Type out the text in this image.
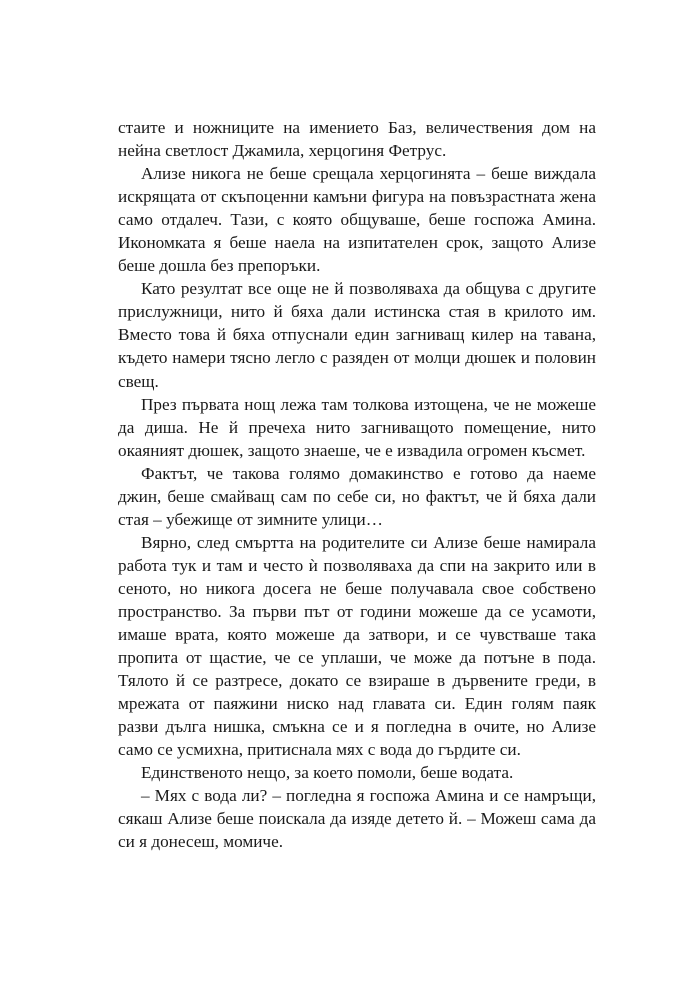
стаите и ножниците на имението Баз, величествения дом на нейна светлост Джамила, херцогиня Фетрус.

Ализе никога не беше срещала херцогинята – беше виждала искрящата от скъпоценни камъни фигура на повъзрастната жена само отдалеч. Тази, с която общуваше, беше госпожа Амина. Икономката я беше наела на изпитателен срок, защото Ализе беше дошла без препоръки.

Като резултат все още не й позволяваха да общува с другите прислужници, нито й бяха дали истинска стая в крилото им. Вместо това й бяха отпуснали един загниващ килер на тавана, където намери тясно легло с разяден от молци дюшек и половин свещ.

През първата нощ лежа там толкова изтощена, че не можеше да диша. Не й пречеха нито загниващото помещение, нито окаяният дюшек, защото знаеше, че е извадила огромен късмет.

Фактът, че такова голямо домакинство е готово да наеме джин, беше смайващ сам по себе си, но фактът, че й бяха дали стая – убежище от зимните улици…

Вярно, след смъртта на родителите си Ализе беше намирала работа тук и там и често ѝ позволяваха да спи на закрито или в сеното, но никога досега не беше получавала свое собствено пространство. За първи път от години можеше да се усамоти, имаше врата, която можеше да затвори, и се чувстваше така пропита от щастие, че се уплаши, че може да потъне в пода. Тялото й се разтресе, докато се взираше в дървените греди, в мрежата от паяжини ниско над главата си. Един голям паяк разви дълга нишка, смъкна се и я погледна в очите, но Ализе само се усмихна, притиснала мях с вода до гърдите си.

Единственото нещо, за което помоли, беше водата.

– Мях с вода ли? – погледна я госпожа Амина и се намръщи, сякаш Ализе беше поискала да изяде детето й. – Можеш сама да си я донесеш, момиче.
